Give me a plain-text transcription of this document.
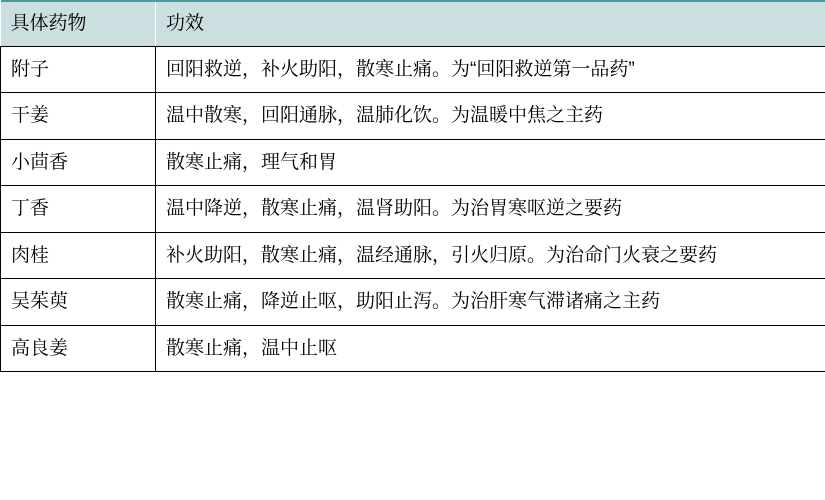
具体药物	功效

附子	回阳救逆，补火助阳，散寒止痛。为“回阳救逆第一品药”

干姜	温中散寒，回阳通脉，温肺化饮。为温暖中焦之主药

小茴香	散寒止痛，理气和胃

丁香	温中降逆，散寒止痛，温肾助阳。为治胃寒呕逆之要药

肉桂	补火助阳，散寒止痛，温经通脉，引火归原。为治命门火衰之要药

吴茱萸	散寒止痛，降逆止呕，助阳止泻。为治肝寒气滞诸痛之主药

高良姜	散寒止痛，温中止呕
